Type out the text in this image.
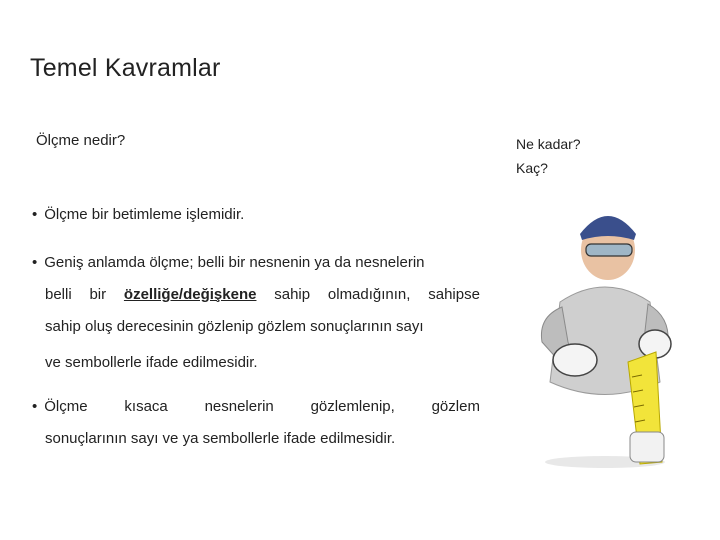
Temel Kavramlar
Ölçme nedir?	Ne kadar?
Kaç?
• Ölçme bir betimleme işlemidir.
• Geniş anlamda ölçme; belli bir nesnenin ya da nesnelerin
belli bir özelliğe/değişkene sahip olmadığının, sahipse
sahip oluş derecesinin gözlenip gözlem sonuçlarının sayı
ve sembollerle ifade edilmesidir.
• Ölçme kısaca nesnelerin gözlemlenip, gözlem
sonuçlarının sayı ve ya sembollerle ifade edilmesidir.
